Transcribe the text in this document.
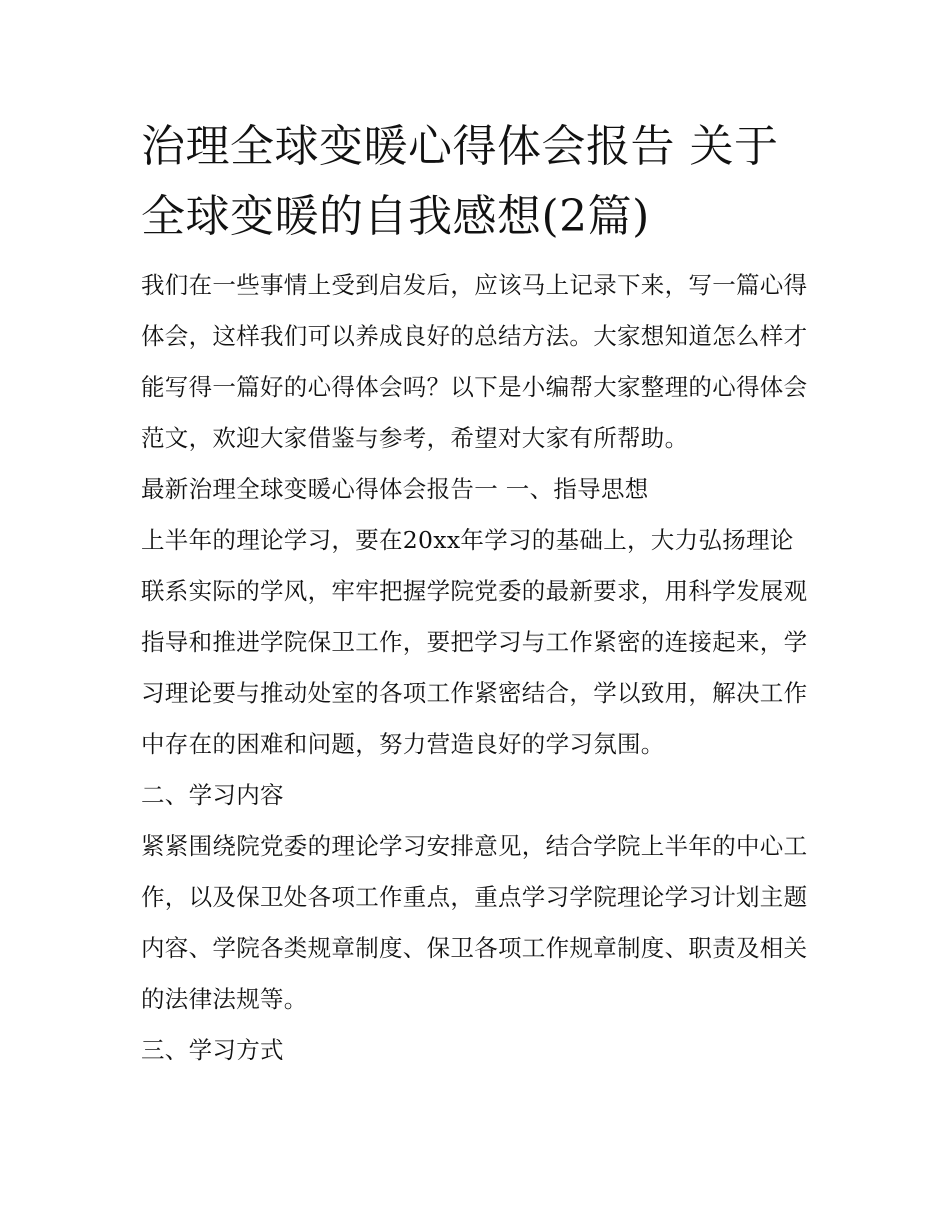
治理全球变暖心得体会报告 关于全球变暖的自我感想(2篇)

我们在一些事情上受到启发后，应该马上记录下来，写一篇心得体会，这样我们可以养成良好的总结方法。大家想知道怎么样才能写得一篇好的心得体会吗？以下是小编帮大家整理的心得体会范文，欢迎大家借鉴与参考，希望对大家有所帮助。

最新治理全球变暖心得体会报告一 一、指导思想

上半年的理论学习，要在20xx年学习的基础上，大力弘扬理论联系实际的学风，牢牢把握学院党委的最新要求，用科学发展观指导和推进学院保卫工作，要把学习与工作紧密的连接起来，学习理论要与推动处室的各项工作紧密结合，学以致用，解决工作中存在的困难和问题，努力营造良好的学习氛围。

二、学习内容

紧紧围绕院党委的理论学习安排意见，结合学院上半年的中心工作，以及保卫处各项工作重点，重点学习学院理论学习计划主题内容、学院各类规章制度、保卫各项工作规章制度、职责及相关的法律法规等。

三、学习方式
